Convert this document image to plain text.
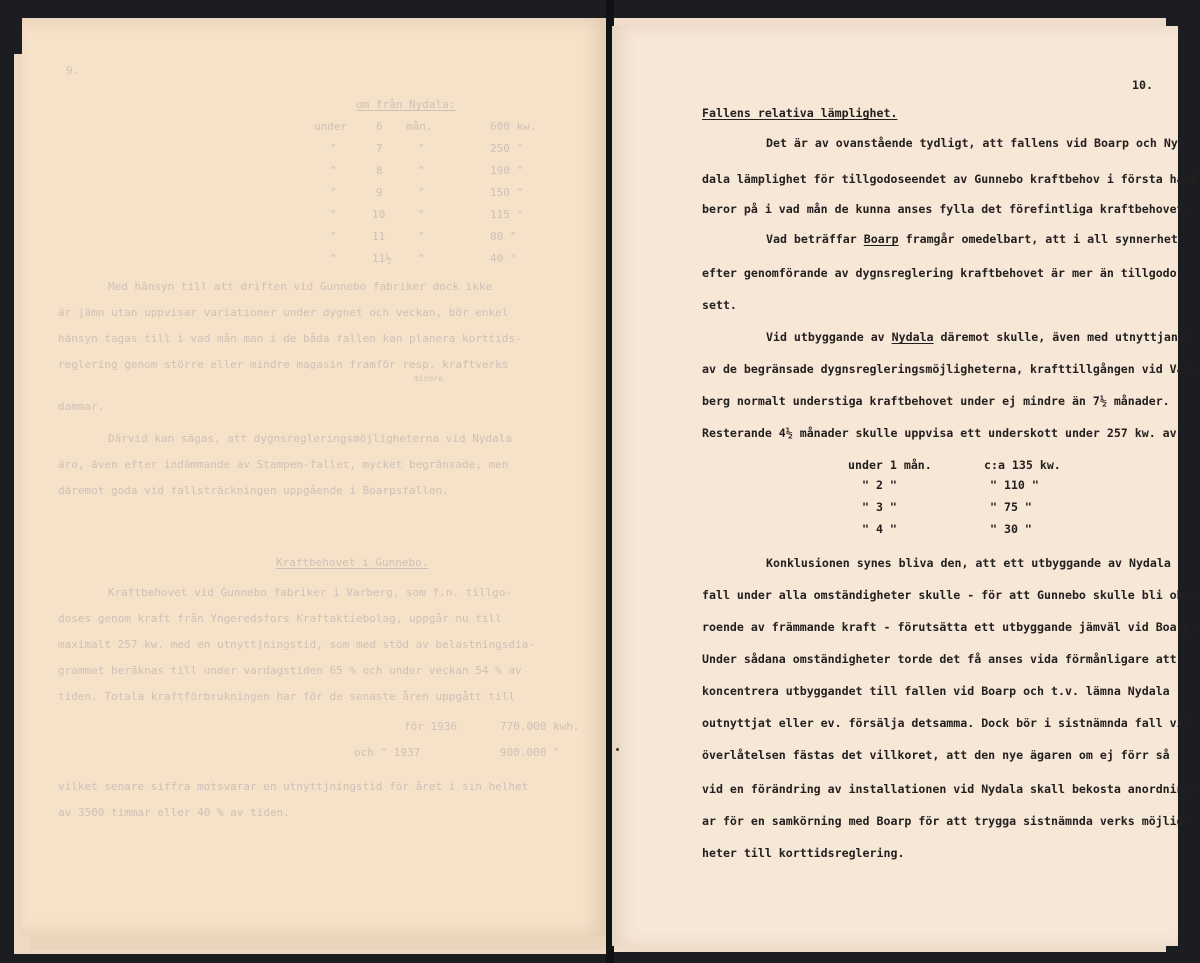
9.
om från Nydala:
under	6 mån.	600 kw.
"	7	"	250 "
"	8	"	190 "
"	9	"	150 "
"	10	"	115 "
"	11	"	80 "
"	11½ "	40 "
Med hänsyn till att driften vid Gunnebo fabriker dock ikke
är jämn utan uppvisar variationer under dygnet och veckan, bör enkel
hänsyn tagas till i vad mån man i de båda fallen kan planera korttids-
reglering genom större eller mindre magasin framför resp. kraftverks
mindre
dammar.
Därvid kan sägas, att dygnsregleringsmöjligheterna vid Nydala
äro, även efter indämmande av Stampen-fallet, mycket begränsade, men
däremot goda vid fallsträckningen uppgående i Boarpsfallen.
Kraftbehovet i Gunnebo.
Kraftbehovet vid Gunnebo fabriker i Varberg, som f.n. tillgo-
doses genom kraft från Yngeredsfors Kraftaktiebolag, uppgår nu till
maximalt 257 kw. med en utnyttjningstid, som med stöd av belastningsdia-
grammet beräknas till under vardagstiden 65 % och under veckan 54 % av
tiden. Totala kraftförbrukningen har för de senaste åren uppgått till
för 1936	770.000 kwh.
och " 1937	900.000 "
vilket senare siffra motsvarar en utnyttjningstid för året i sin helhet
av 3500 timmar eller 40 % av tiden.
10.
Fallens relativa lämplighet.
Det är av ovanstående tydligt, att fallens vid Boarp och Ny-
dala lämplighet för tillgodoseendet av Gunnebo kraftbehov i första hand
beror på i vad mån de kunna anses fylla det förefintliga kraftbehovet.
Vad beträffar Boarp framgår omedelbart, att i all synnerhet
efter genomförande av dygnsreglering kraftbehovet är mer än tillgodo-
sett.
Vid utbyggande av Nydala däremot skulle, även med utnyttjande
av de begränsade dygnsregleringsmöjligheterna, krafttillgången vid Var-
berg normalt understiga kraftbehovet under ej mindre än 7½ månader.
Resterande 4½ månader skulle uppvisa ett underskott under 257 kw. av
under 1 mån.	c:a 135 kw.
" 2 "	" 110 "
" 3 "	" 75 "
" 4 "	" 30 "
Konklusionen synes bliva den, att ett utbyggande av Nydala
fall under alla omständigheter skulle - för att Gunnebo skulle bli obe-
roende av främmande kraft - förutsätta ett utbyggande jämväl vid Boarp.
Under sådana omständigheter torde det få anses vida förmånligare att
koncentrera utbyggandet till fallen vid Boarp och t.v. lämna Nydala
outnyttjat eller ev. försälja detsamma. Dock bör i sistnämnda fall vid
överlåtelsen fästas det villkoret, att den nye ägaren om ej förr så
vid en förändring av installationen vid Nydala skall bekosta anordning-
ar för en samkörning med Boarp för att trygga sistnämnda verks möjlig-
heter till korttidsreglering.
